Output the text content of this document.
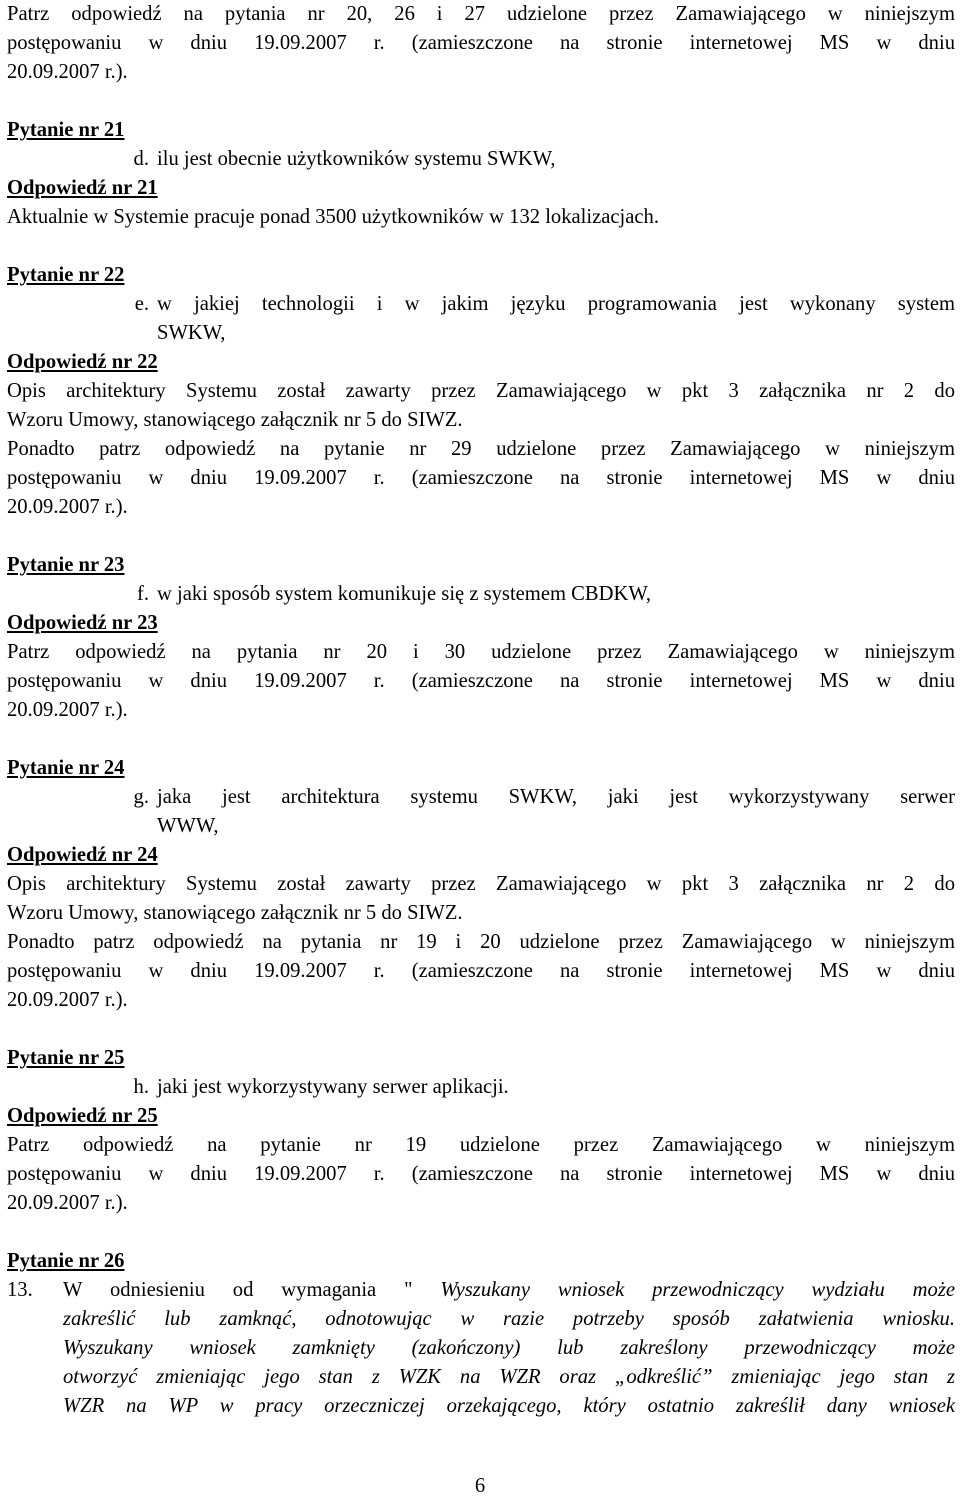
Patrz odpowiedź na pytania nr 20, 26 i 27 udzielone przez Zamawiającego w niniejszym

postępowaniu w dniu 19.09.2007 r. (zamieszczone na stronie internetowej MS w dniu

20.09.2007 r.).

Pytanie nr 21

d. ilu jest obecnie użytkowników systemu SWKW,

Odpowiedź nr 21

Aktualnie w Systemie pracuje ponad 3500 użytkowników w 132 lokalizacjach.

Pytanie nr 22

e. w jakiej technologii i w jakim języku programowania jest wykonany system

SWKW,

Odpowiedź nr 22

Opis architektury Systemu został zawarty przez Zamawiającego w pkt 3 załącznika nr 2 do

Wzoru Umowy, stanowiącego załącznik nr 5 do SIWZ.

Ponadto patrz odpowiedź na pytanie nr 29 udzielone przez Zamawiającego w niniejszym

postępowaniu w dniu 19.09.2007 r. (zamieszczone na stronie internetowej MS w dniu

20.09.2007 r.).

Pytanie nr 23

f. w jaki sposób system komunikuje się z systemem CBDKW,

Odpowiedź nr 23

Patrz odpowiedź na pytania nr 20 i 30 udzielone przez Zamawiającego w niniejszym

postępowaniu w dniu 19.09.2007 r. (zamieszczone na stronie internetowej MS w dniu

20.09.2007 r.).

Pytanie nr 24

g. jaka jest architektura systemu SWKW, jaki jest wykorzystywany serwer

WWW,

Odpowiedź nr 24

Opis architektury Systemu został zawarty przez Zamawiającego w pkt 3 załącznika nr 2 do

Wzoru Umowy, stanowiącego załącznik nr 5 do SIWZ.

Ponadto patrz odpowiedź na pytania nr 19 i 20 udzielone przez Zamawiającego w niniejszym

postępowaniu w dniu 19.09.2007 r. (zamieszczone na stronie internetowej MS w dniu

20.09.2007 r.).

Pytanie nr 25

h. jaki jest wykorzystywany serwer aplikacji.

Odpowiedź nr 25

Patrz odpowiedź na pytanie nr 19 udzielone przez Zamawiającego w niniejszym

postępowaniu w dniu 19.09.2007 r. (zamieszczone na stronie internetowej MS w dniu

20.09.2007 r.).

Pytanie nr 26

13. W odniesieniu od wymagania " Wyszukany wniosek przewodniczący wydziału może

zakreślić lub zamknąć, odnotowując w razie potrzeby sposób załatwienia wniosku.

Wyszukany wniosek zamknięty (zakończony) lub zakreślony przewodniczący może

otworzyć zmieniając jego stan z WZK na WZR oraz „odkreślić” zmieniając jego stan z

WZR na WP w pracy orzeczniczej orzekającego, który ostatnio zakreślił dany wniosek

6
